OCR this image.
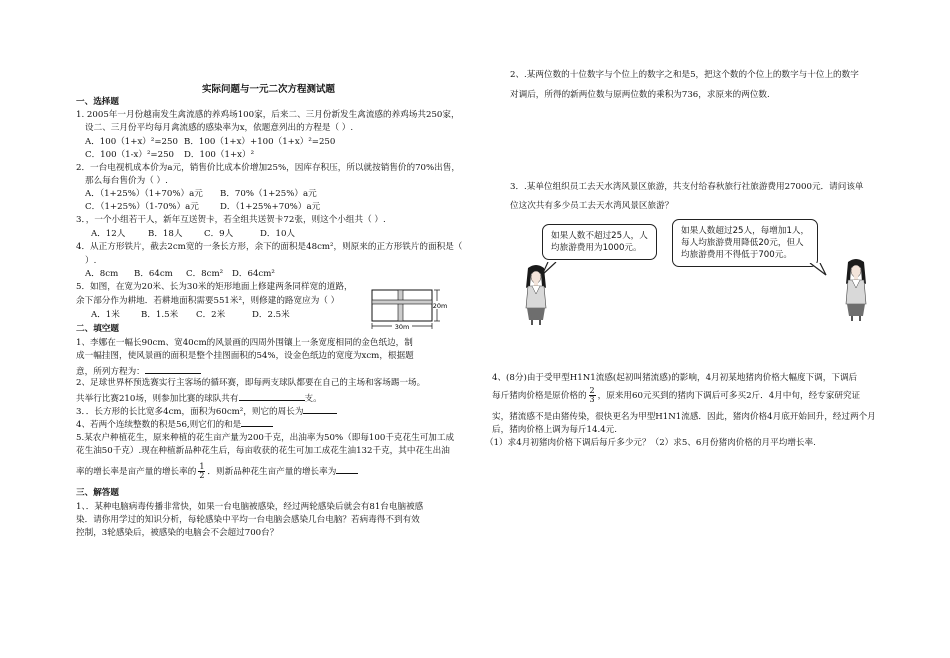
实际问题与一元二次方程测试题
一、选择题
1. 2005年一月份越南发生禽流感的养鸡场100家，后来二、三月份新发生禽流感的养鸡场共250家，
设二、三月份平均每月禽流感的感染率为x，依题意列出的方程是（ ）.
A．100（1+x）²=250 B．100（1+x）+100（1+x）²=250
C．100（1-x）²=250 D．100（1+x）²
2．一台电视机成本价为a元，销售价比成本价增加25%，因库存积压，所以就按销售价的70%出售，
那么每台售价为（ ）.
A．（1+25%）（1+70%）a元 B．70%（1+25%）a元
C．（1+25%）（1-70%）a元 D．（1+25%+70%）a元
3．，一个小组若干人，新年互送贺卡，若全组共送贺卡72张，则这个小组共（ ）.
A．12人	B．18人	C．9人	D．10人
4．从正方形铁片，截去2cm宽的一条长方形，余下的面积是48cm²，则原来的正方形铁片的面积是（
）.
A．8cm B．64cm C．8cm² D．64cm²
5．如图，在宽为20米、长为30米的矩形地面上修建两条同样宽的道路，
余下部分作为耕地．若耕地面积需要551米²，则修建的路宽应为（ ）
A．1米 B．1.5米 C．2米	D．2.5米
30m
20m
二、填空题
1、李娜在一幅长90cm、宽40cm的风景画的四周外围镶上一条宽度相同的金色纸边，制
成一幅挂图，使风景画的面积是整个挂图面积的54%，设金色纸边的宽度为xcm，根据题
意，所列方程为：
2、足球世界杯预选赛实行主客场的循环赛，即每两支球队都要在自己的主场和客场踢一场。
共举行比赛210场，则参加比赛的球队共有	支。
3．．长方形的长比宽多4cm，面积为60cm²，则它的周长为
4、若两个连续整数的积是56,则它们的和是
5.某农户种植花生，原来种植的花生亩产量为200千克，出油率为50%（即每100千克花生可加工成
花生油50千克）.现在种植新品种花生后，每亩收获的花生可加工成花生油132千克，其中花生出油
率的增长率是亩产量的增长率的 $\frac{1}{2}$ ．则新品种花生亩产量的增长率为
三、解答题
1、．某种电脑病毒传播非常快，如果一台电脑被感染，经过两轮感染后就会有81台电脑被感
染．请你用学过的知识分析，每轮感染中平均一台电脑会感染几台电脑？若病毒得不到有效
控制，3轮感染后，被感染的电脑会不会超过700台？
2、.某两位数的十位数字与个位上的数字之和是5，把这个数的个位上的数字与十位上的数字
对调后，所得的新两位数与原两位数的乘积为736，求原来的两位数.
3．.某单位组织员工去天水湾风景区旅游，共支付给春秋旅行社旅游费用27000元．请问该单
位这次共有多少员工去天水湾风景区旅游？
如果人数不超过25人，人
均旅游费用为1000元。
如果人数超过25人，每增加1人，
每人均旅游费用降低20元，但人
均旅游费用不得低于700元。
4、(8分)由于受甲型H1N1流感(起初叫猪流感)的影响，4月初某地猪肉价格大幅度下调，下调后
每斤猪肉价格是原价格的 $\frac{2}{3}$ ，原来用60元买到的猪肉下调后可多买2斤．4月中旬，经专家研究证
实，猪流感不是由猪传染，很快更名为甲型H1N1流感．因此，猪肉价格4月底开始回升，经过两个月
后，猪肉价格上调为每斤14.4元.
（1）求4月初猪肉价格下调后每斤多少元？（2）求5、6月份猪肉价格的月平均增长率.
